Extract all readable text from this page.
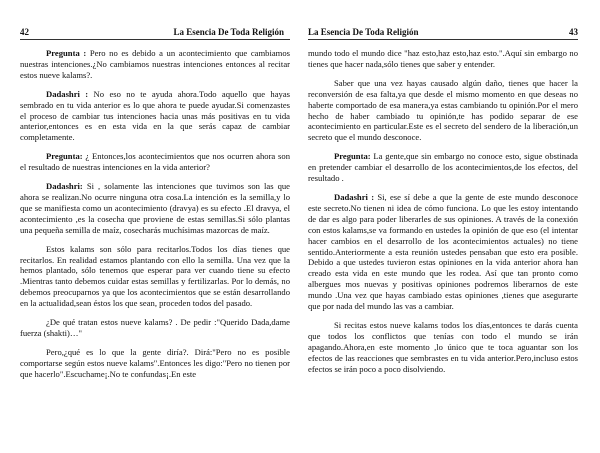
42	La Esencia De Toda Religión

Pregunta : Pero no es debido a un acontecimiento que cambiamos nuestras intenciones.¿No cambiamos nuestras intenciones entonces al recitar estos nueve kalams?.

Dadashri : No eso no te ayuda ahora.Todo aquello que hayas sembrado en tu vida anterior es lo que ahora te puede ayudar.Si comenzastes el proceso de cambiar tus intenciones hacia unas más positivas en tu vida anterior,entonces es en esta vida en la que serás capaz de cambiar completamente.

Pregunta: ¿ Entonces,los acontecimientos que nos ocurren ahora son el resultado de nuestras intenciones en la vida anterior?

Dadashri: Si , solamente las intenciones que tuvimos son las que ahora se realizan.No ocurre ninguna otra cosa.La intención es la semilla,y lo que se manifiesta como un acontecimiento (dravya) es su efecto .El dravya, el acontecimiento ,es la cosecha que proviene de estas semillas.Si sólo plantas una pequeña semilla de maíz, cosecharás muchísimas mazorcas de maíz.

Estos kalams son sólo para recitarlos.Todos los días tienes que recitarlos. En realidad estamos plantando con ello la semilla. Una vez que la hemos plantado, sólo tenemos que esperar para ver cuando tiene su efecto .Mientras tanto debemos cuidar estas semillas y fertilizarlas. Por lo demás, no debemos preocuparnos ya que los acontecimientos que se están desarrollando en la actualidad,sean éstos los que sean, proceden todos del pasado.

¿De qué tratan estos nueve kalams? . De pedir :"Querido Dada,dame fuerza (shakti)…"

Pero,¿qué es lo que la gente diría?. Dirá:"Pero no es posible comportarse según estos nueve kalams".Entonces les digo:"Pero no tienen por que hacerlo".Escuchame¡.No te confundas¡.En este

La Esencia De Toda Religión	43

mundo todo el mundo dice "haz esto,haz esto,haz esto.".Aquí sin embargo no tienes que hacer nada,sólo tienes que saber y entender.

Saber que una vez hayas causado algún daño, tienes que hacer la reconversión de esa falta,ya que desde el mismo momento en que deseas no haberte comportado de esa manera,ya estas cambiando tu opinión.Por el mero hecho de haber cambiado tu opinión,te has podido separar de ese acontecimiento en particular.Este es el secreto del sendero de la liberación,un secreto que el mundo desconoce.

Pregunta: La gente,que sin embargo no conoce esto, sigue obstinada en pretender cambiar el desarrollo de los acontecimientos,de los efectos, del resultado .

Dadashri : Si, ese sí debe a que la gente de este mundo desconoce este secreto.No tienen ni idea de cómo funciona. Lo que les estoy intentando de dar es algo para poder liberarles de sus opiniones. A través de la conexión con estos kalams,se va formando en ustedes la opinión de que eso (el intentar hacer cambios en el desarrollo de los acontecimientos actuales) no tiene sentido.Anteriormente a esta reunión ustedes pensaban que esto era posible. Debido a que ustedes tuvieron estas opiniones en la vida anterior ahora han creado esta vida en este mundo que les rodea. Así que tan pronto como albergues mos nuevas y positivas opiniones podremos liberarnos de este mundo .Una vez que hayas cambiado estas opiniones ,tienes que asegurarte que por nada del mundo las vas a cambiar.

Si recitas estos nueve kalams todos los días,entonces te darás cuenta que todos los conflictos que tenías con todo el mundo se irán apagando.Ahora,en este momento ,lo único que te toca aguantar son los efectos de las reacciones que sembrastes en tu vida anterior.Pero,incluso estos efectos se irán poco a poco disolviendo.
